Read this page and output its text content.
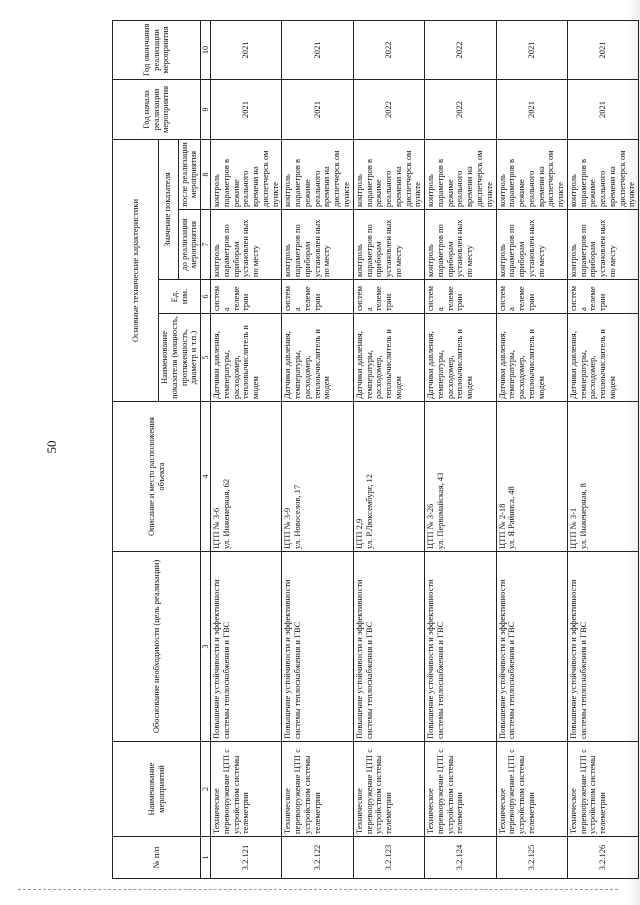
50
№ п/п	Наименование мероприятий	Обоснование необходимости (цель реализации)	Описание и место расположения объекта	Основные технические характеристики				Год начала реализации мероприятия	Год окончания реализации мероприятия
				Наименование показателя (мощность, протяженность, диаметр и т.п.)	Ед. изм.	Значение показателя			
						до реализации мероприятия	после реализации мероприятия		
1	2	3	4	5	6	7	8	9	10
3.2.121	Техническое перевооружение ЦТП с устройством системы телеметрии	Повышение устойчивости и эффективности системы теплоснабжения и ГВС	ЦТП № 3-6 ул. Инженерная, 62	Датчики давления, температуры, расходомер, тепловычислитель и модем	систем а телеме трии	контроль параметров по приборам установлен ных по месту	контроль параметров в режиме реального времени на диспетчерск ом пункте	2021	2021
3.2.122	Техническое перевооружение ЦТП с устройством системы телеметрии	Повышение устойчивости и эффективности системы теплоснабжения и ГВС	ЦТП № 3-9 ул. Новоселов, 17	Датчики давления, температуры, расходомер, теплоычислитель и модем	систем а телеме трии	контроль параметров по приборам установлен ных по месту	контроль параметров в режиме реального времени на диспетчерск ом пункте	2021	2021
3.2.123	Техническое перевооружение ЦТП с устройством системы телеметрии	Повышение устойчивости и эффективности системы теплоснабжения и ГВС	ЦТП 2,9 ул. Р.Люксембург, 12	Датчики давления, температуры, расходомер, теплоычислитель и модем	систем а телеме трии	контроль параметров по приборам установлен ных по месту	контроль параметров в режиме реального времени на диспетчерск ом пункте	2022	2022
3.2.124	Техническое перевооружение ЦТП с устройством системы телеметрии	Повышение устойчивости и эффективности системы теплоснабжения и ГВС	ЦТП № 3-26 ул. Первомайская, 43	Датчики давления, температуры, расходомер, теплоычислитель и модем	систем а телеме трии	контроль параметров по приборам установлен ных по месту	контроль параметров в режиме реального времени на диспетчерск ом пункте	2022	2022
3.2.125	Техническое перевооружение ЦТП с устройством системы телеметрии	Повышение устойчивости и эффективности системы теплоснабжения и ГВС	ЦТП № 2-18 ул. Я.Райниса, 48	Датчики давления, температуры, расходомер, теплоычислитель и модем	систем а телеме трии	контроль параметров по приборам установлен ных по месту	контроль параметров в режиме реального времени на диспетчерск ом пункте	2021	2021
3.2.126	Техническое перевооружение ЦТП с устройством системы телеметрии	Повышение устойчивости и эффективности системы теплоснабжения и ГВС	ЦТП № 3-1 ул. Инженерная, 8	Датчики давления, температуры, расходомер, теплоычислитель и модем	систем а телеме трии	контроль параметров по приборам установлен ных по месту	контроль параметров в режиме реального времени на диспетчерск ом пункте	2021	2021
